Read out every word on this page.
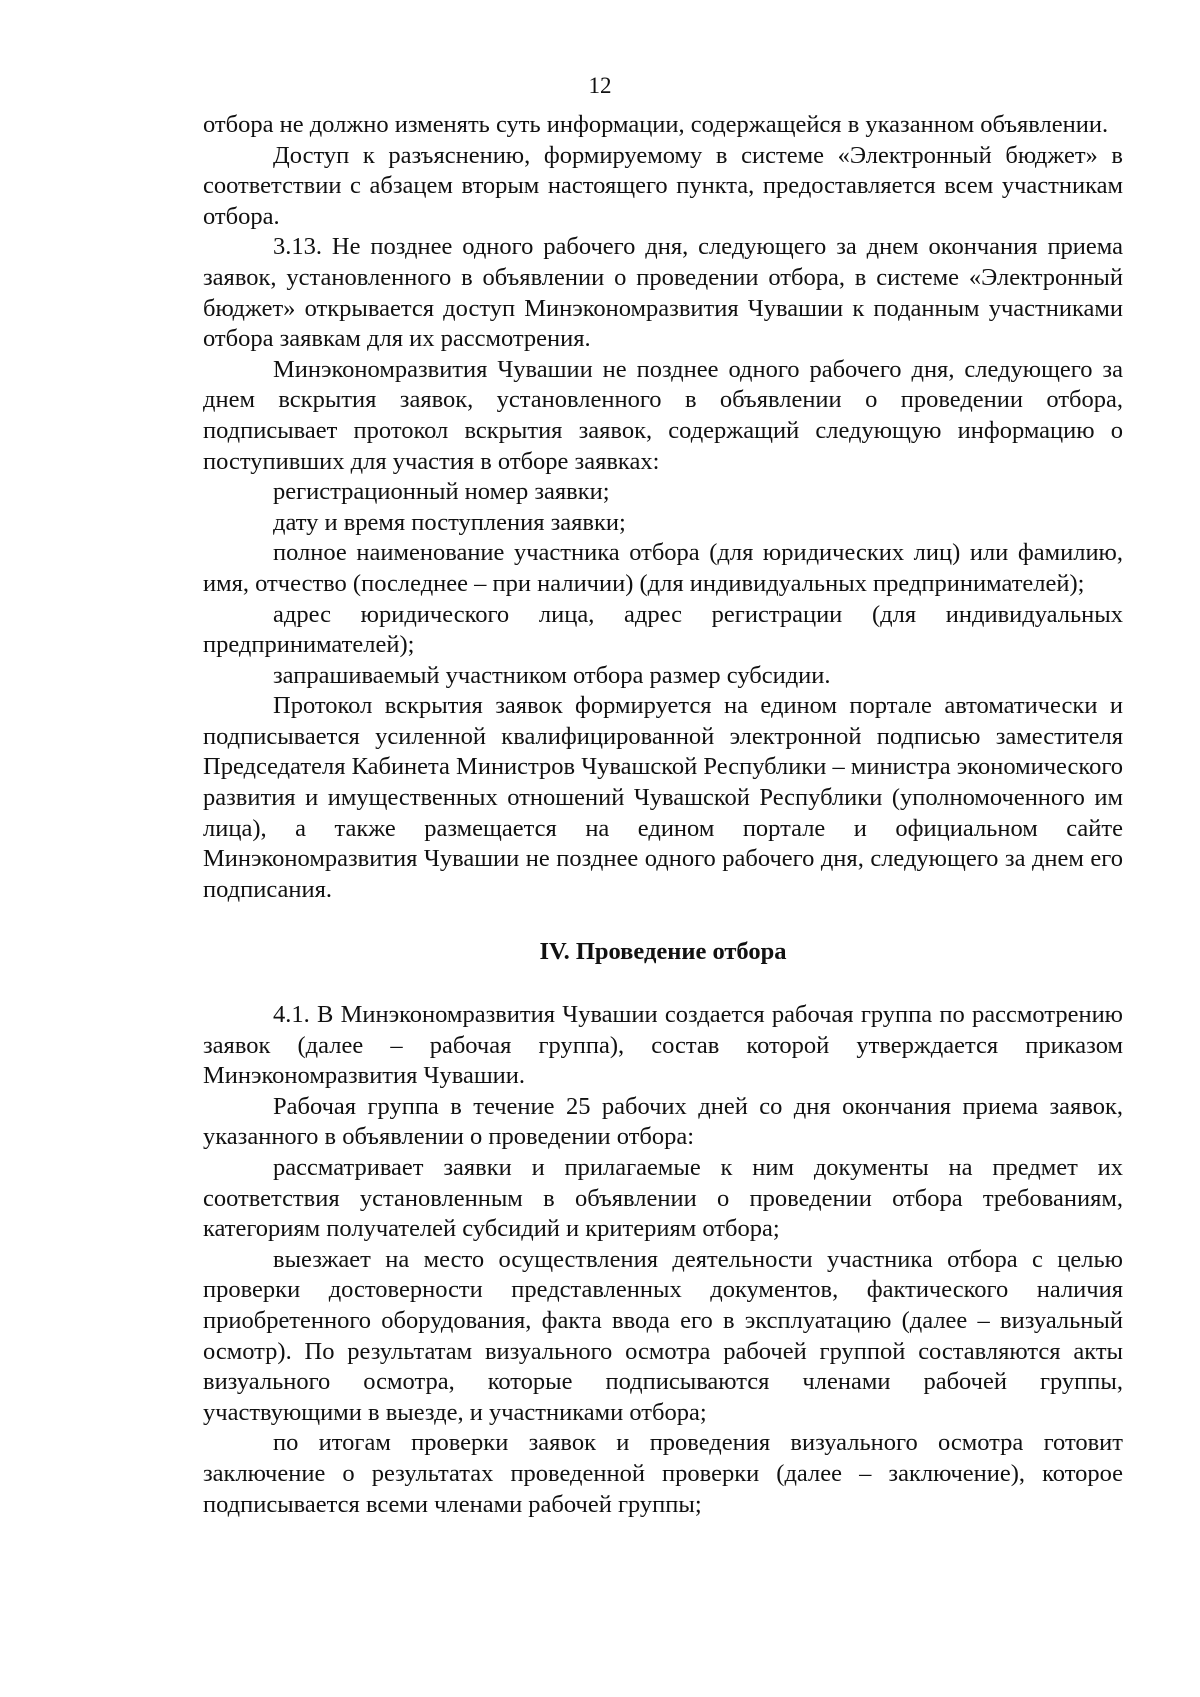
12

отбора не должно изменять суть информации, содержащейся в указанном объявлении.

Доступ к разъяснению, формируемому в системе «Электронный бюджет» в соответствии с абзацем вторым настоящего пункта, предоставляется всем участникам отбора.

3.13. Не позднее одного рабочего дня, следующего за днем окончания приема заявок, установленного в объявлении о проведении отбора, в системе «Электронный бюджет» открывается доступ Минэкономразвития Чувашии к поданным участниками отбора заявкам для их рассмотрения.

Минэкономразвития Чувашии не позднее одного рабочего дня, следующего за днем вскрытия заявок, установленного в объявлении о проведении отбора, подписывает протокол вскрытия заявок, содержащий следующую информацию о поступивших для участия в отборе заявках:

регистрационный номер заявки;

дату и время поступления заявки;

полное наименование участника отбора (для юридических лиц) или фамилию, имя, отчество (последнее – при наличии) (для индивидуальных предпринимателей);

адрес юридического лица, адрес регистрации (для индивидуальных предпринимателей);

запрашиваемый участником отбора размер субсидии.

Протокол вскрытия заявок формируется на едином портале автоматически и подписывается усиленной квалифицированной электронной подписью заместителя Председателя Кабинета Министров Чувашской Республики – министра экономического развития и имущественных отношений Чувашской Республики (уполномоченного им лица), а также размещается на едином портале и официальном сайте Минэкономразвития Чувашии не позднее одного рабочего дня, следующего за днем его подписания.

IV. Проведение отбора

4.1. В Минэкономразвития Чувашии создается рабочая группа по рассмотрению заявок (далее – рабочая группа), состав которой утверждается приказом Минэкономразвития Чувашии.

Рабочая группа в течение 25 рабочих дней со дня окончания приема заявок, указанного в объявлении о проведении отбора:

рассматривает заявки и прилагаемые к ним документы на предмет их соответствия установленным в объявлении о проведении отбора требованиям, категориям получателей субсидий и критериям отбора;

выезжает на место осуществления деятельности участника отбора с целью проверки достоверности представленных документов, фактического наличия приобретенного оборудования, факта ввода его в эксплуатацию (далее – визуальный осмотр). По результатам визуального осмотра рабочей группой составляются акты визуального осмотра, которые подписываются членами рабочей группы, участвующими в выезде, и участниками отбора;

по итогам проверки заявок и проведения визуального осмотра готовит заключение о результатах проведенной проверки (далее – заключение), которое подписывается всеми членами рабочей группы;
